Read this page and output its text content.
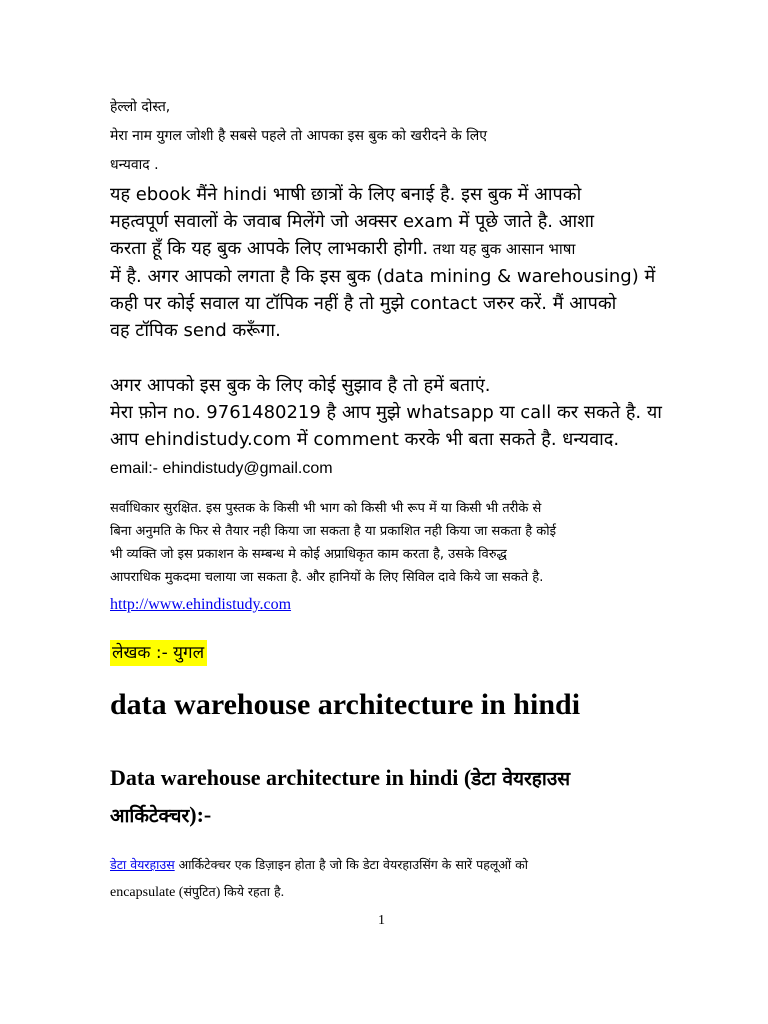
हेल्लो दोस्त,
मेरा नाम युगल जोशी है सबसे पहले तो आपका इस बुक को खरीदने के लिए
धन्यवाद .
यह ebook मैंने hindi भाषी छात्रों के लिए बनाई है. इस बुक में आपको
महत्वपूर्ण सवालों के जवाब मिलेंगे जो अक्सर exam में पूछे जाते है. आशा
करता हूँ कि यह बुक आपके लिए लाभकारी होगी. तथा यह बुक आसान भाषा
में है. अगर आपको लगता है कि इस बुक (data mining & warehousing) में
कही पर कोई सवाल या टॉपिक नहीं है तो मुझे contact जरुर करें. मैं आपको
वह टॉपिक send करूँगा.
अगर आपको इस बुक के लिए कोई सुझाव है तो हमें बताएं.
मेरा फ़ोन no. 9761480219 है आप मुझे whatsapp या call कर सकते है. या
आप ehindistudy.com में comment करके भी बता सकते है. धन्यवाद.
email:- ehindistudy@gmail.com
सर्वाधिकार सुरक्षित. इस पुस्तक के किसी भी भाग को किसी भी रूप में या किसी भी तरीके से
बिना अनुमति के फिर से तैयार नही किया जा सकता है या प्रकाशित नही किया जा सकता है कोई
भी व्यक्ति जो इस प्रकाशन के सम्बन्ध मे कोई अप्राधिकृत काम करता है, उसके विरुद्ध
आपराधिक मुकदमा चलाया जा सकता है. और हानियों के लिए सिविल दावे किये जा सकते है.
http://www.ehindistudy.com
लेखक :- युगल
data warehouse architecture in hindi
Data warehouse architecture in hindi (डेटा वेयरहाउस
आर्किटेक्चर):-
डेटा वेयरहाउस आर्किटेक्चर एक डिज़ाइन होता है जो कि डेटा वेयरहाउसिंग के सारें पहलूओं को
encapsulate (संपुटित) किये रहता है.
1
